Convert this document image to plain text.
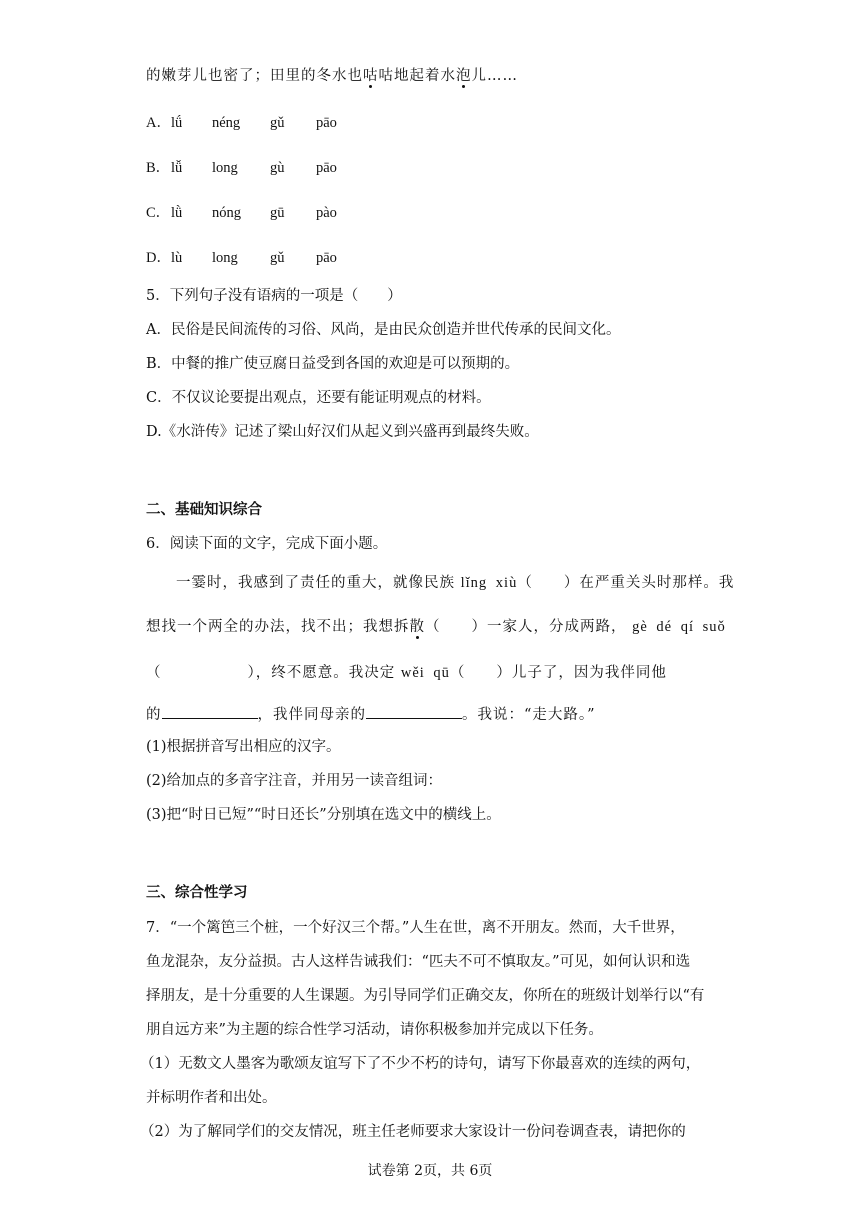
的嫩芽儿也密了；田里的冬水也咕咕地起着水泡儿……
A． lǘ néng gǔ pāo
B． lǚ long gù pāo
C． lǜ nóng gū pào
D． lù long gǔ pāo
5．下列句子没有语病的一项是（　　）
A．民俗是民间流传的习俗、风尚，是由民众创造并世代传承的民间文化。
B．中餐的推广使豆腐日益受到各国的欢迎是可以预期的。
C．不仅议论要提出观点，还要有能证明观点的材料。
D.《水浒传》记述了梁山好汉们从起义到兴盛再到最终失败。
二、基础知识综合
6．阅读下面的文字，完成下面小题。
一霎时，我感到了责任的重大，就像民族 lǐng xiù（　　）在严重关头时那样。我
想找一个两全的办法，找不出；我想拆散（　　）一家人，分成两路， gè dé qí suǒ
（	），终不愿意。我决定 wěi qū（　　）儿子了，因为我伴同他
的	，我伴同母亲的	。我说：“走大路。”
(1)根据拼音写出相应的汉字。
(2)给加点的多音字注音，并用另一读音组词：
(3)把“时日已短”“时日还长”分别填在选文中的横线上。
三、综合性学习
7．“一个篱笆三个桩，一个好汉三个帮。”人生在世，离不开朋友。然而，大千世界，
鱼龙混杂，友分益损。古人这样告诫我们：“匹夫不可不慎取友。”可见，如何认识和选
择朋友，是十分重要的人生课题。为引导同学们正确交友，你所在的班级计划举行以“有
朋自远方来”为主题的综合性学习活动，请你积极参加并完成以下任务。
（1）无数文人墨客为歌颂友谊写下了不少不朽的诗句，请写下你最喜欢的连续的两句，
并标明作者和出处。
（2）为了解同学们的交友情况，班主任老师要求大家设计一份问卷调查表，请把你的
试卷第 2页，共 6页
